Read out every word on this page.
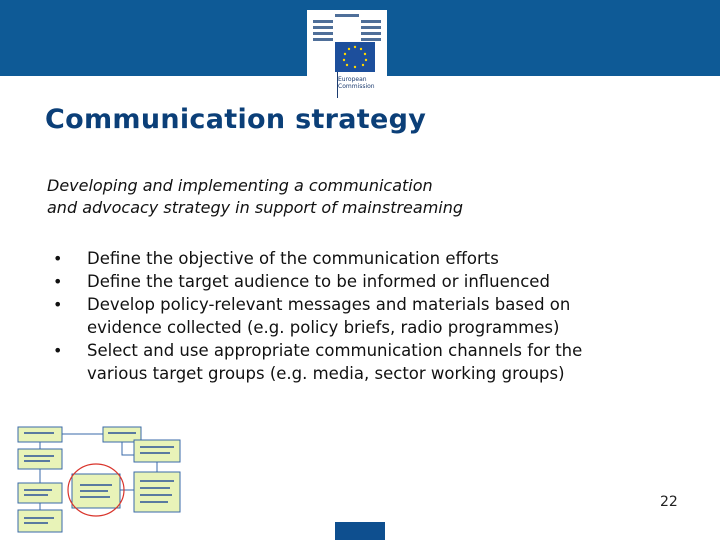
European
Commission
Communication strategy
Developing and implementing a communication
and advocacy strategy in support of mainstreaming
• Define the objective of the communication efforts
• Define the target audience to be informed or influenced
• Develop policy-relevant messages and materials based on
evidence collected (e.g. policy briefs, radio programmes)
• Select and use appropriate communication channels for the
various target groups (e.g. media, sector working groups)
22
